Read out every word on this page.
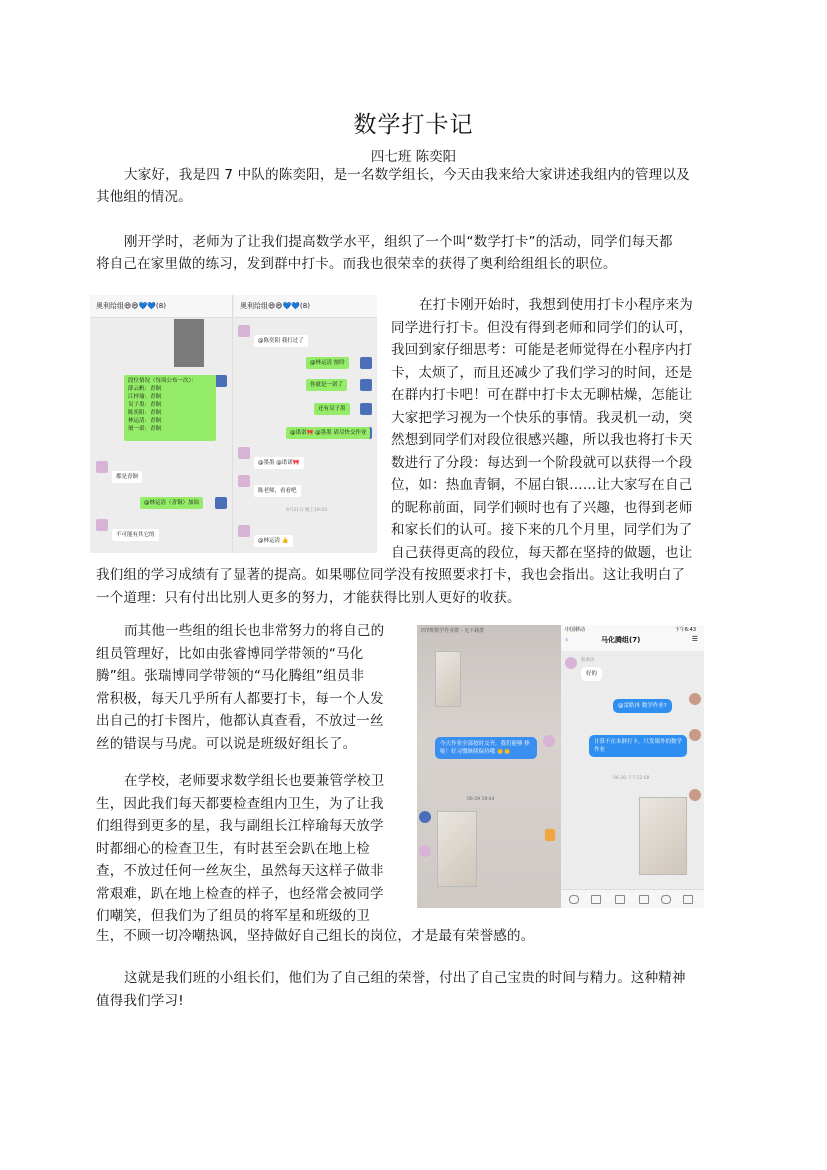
数学打卡记
四七班 陈奕阳
大家好，我是四 7 中队的陈奕阳，是一名数学组长，今天由我来给大家讲述我组内的管理以及
其他组的情况。
刚开学时，老师为了让我们提高数学水平，组织了一个叫“数学打卡”的活动，同学们每天都
将自己在家里做的练习，发到群中打卡。而我也很荣幸的获得了奥利给组组长的职位。
奥利给组😄😄💙💙(8)
段位情况（每周公布一次）：
薛云帆：青铜
江梓瑜：青铜
吴子墨：青铜
陈奕阳：青铜
林运清：青铜
屠一诺：青铜
都是青铜
@林运清（青铜）加油
不可能有其它的
奥利给组😄😄💙💙(8)
@陈奕阳 我打过了
@林运清 按时
你就是一诺了
还有吴子墨
@诺诺🎀 @墨墨 请尽快交作业
@墨墨 @诺诺🎀
陈老师，看看吧
9月21日 晚上19:43
@林运清 👍
在打卡刚开始时，我想到使用打卡小程序来为
同学进行打卡。但没有得到老师和同学们的认可，
我回到家仔细思考：可能是老师觉得在小程序内打
卡，太烦了，而且还减少了我们学习的时间，还是
在群内打卡吧！可在群中打卡太无聊枯燥，怎能让
大家把学习视为一个快乐的事情。我灵机一动，突
然想到同学们对段位很感兴趣，所以我也将打卡天
数进行了分段：每达到一个阶段就可以获得一个段
位，如：热血青铜，不屈白银……让大家写在自己
的昵称前面，同学们顿时也有了兴趣，也得到老师
和家长们的认可。接下来的几个月里，同学们为了
自己获得更高的段位，每天都在坚持的做题，也让
我们组的学习成绩有了显著的提高。如果哪位同学没有按照要求打卡，我也会指出。这让我明白了
一个道理：只有付出比别人更多的努力，才能获得比别人更好的收获。
而其他一些组的组长也非常努力的将自己的
组员管理好，比如由张睿博同学带领的“马化
腾”组。张瑞博同学带领的“马化腾组”组员非
常积极，每天几乎所有人都要打卡，每一个人发
出自己的打卡图片，他都认真查看，不放过一丝
丝的错误与马虎。可以说是班级好组长了。
在学校，老师要求数学组长也要兼管学校卫
生，因此我们每天都要检查组内卫生，为了让我
们组得到更多的星，我与副组长江梓瑜每天放学
时都细心的检查卫生，有时甚至会趴在地上检
查，不放过任何一丝灰尘，虽然每天这样子做非
常艰难，趴在地上检查的样子，也经常会被同学
们嘲笑，但我们为了组员的将军星和班级的卫
生，不顾一切冷嘲热讽，坚持做好自己组长的岗位，才是最有荣誉感的。
四7班数学作业群 - 无下载群
今天作业全部按时交齐。我们能够 棒哒！好习惯继续保持哦 👏👏
06-29 19:44
中国移动	下午6:43
‹	马化腾组(7)	☰
熊素清
好的
@雷皓冉 数学作业?
计算不在本群打卡，只发课外的数学作业
06-30 下午12:08
这就是我们班的小组长们，他们为了自己组的荣誉，付出了自己宝贵的时间与精力。这种精神
值得我们学习!
